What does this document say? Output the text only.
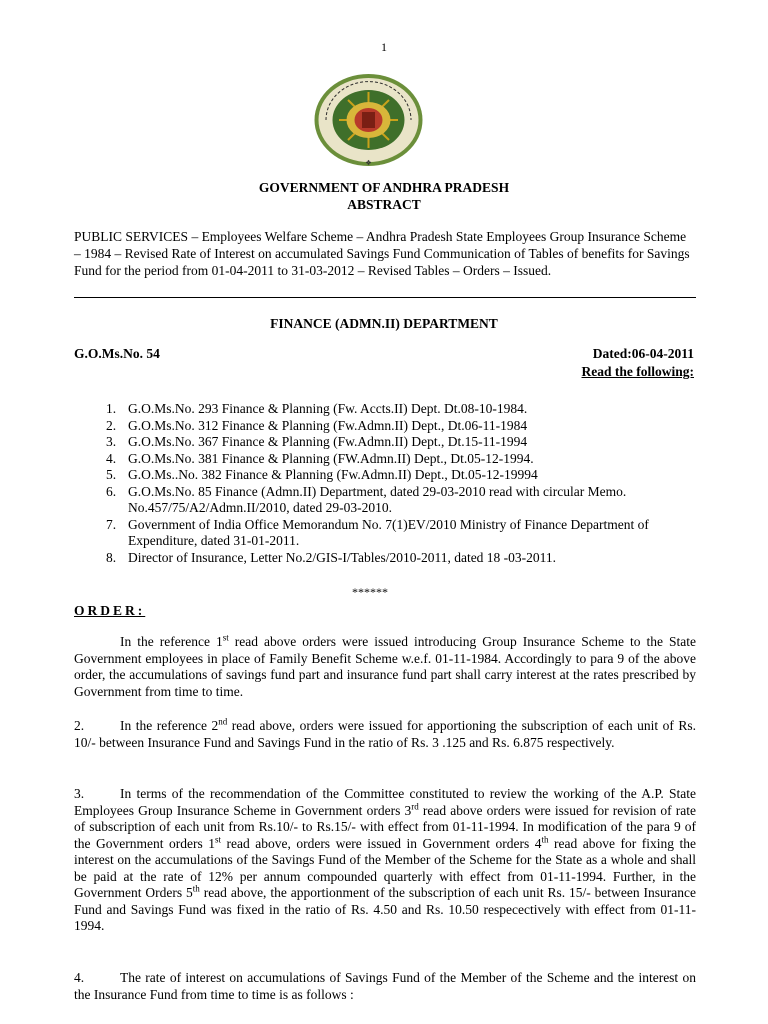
1
❖
GOVERNMENT OF ANDHRA PRADESH
ABSTRACT
PUBLIC SERVICES – Employees Welfare Scheme – Andhra Pradesh State Employees Group Insurance Scheme – 1984 – Revised Rate of Interest on accumulated Savings Fund Communication of Tables of benefits for Savings Fund for the period from 01-04-2011 to 31-03-2012 – Revised Tables – Orders – Issued.
FINANCE (ADMN.II) DEPARTMENT
G.O.Ms.No. 54	Dated:06-04-2011
Read the following:
1. G.O.Ms.No. 293 Finance & Planning (Fw. Accts.II) Dept. Dt.08-10-1984.
2. G.O.Ms.No. 312 Finance & Planning (Fw.Admn.II) Dept., Dt.06-11-1984
3. G.O.Ms.No. 367 Finance & Planning (Fw.Admn.II) Dept., Dt.15-11-1994
4. G.O.Ms.No. 381 Finance & Planning (FW.Admn.II) Dept., Dt.05-12-1994.
5. G.O.Ms..No. 382 Finance & Planning (Fw.Admn.II) Dept., Dt.05-12-19994
6. G.O.Ms.No. 85 Finance (Admn.II) Department, dated 29-03-2010 read with circular Memo. No.457/75/A2/Admn.II/2010, dated 29-03-2010.
7. Government of India Office Memorandum No. 7(1)EV/2010 Ministry of Finance Department of Expenditure, dated 31-01-2011.
8. Director of Insurance, Letter No.2/GIS-I/Tables/2010-2011, dated 18 -03-2011.
******
ORDER:
In the reference 1st read above orders were issued introducing Group Insurance Scheme to the State Government employees in place of Family Benefit Scheme w.e.f. 01-11-1984. Accordingly to para 9 of the above order, the accumulations of savings fund part and insurance fund part shall carry interest at the rates prescribed by Government from time to time.
2.	In the reference 2nd read above, orders were issued for apportioning the subscription of each unit of Rs. 10/- between Insurance Fund and Savings Fund in the ratio of Rs. 3 .125 and Rs. 6.875 respectively.
3.	In terms of the recommendation of the Committee constituted to review the working of the A.P. State Employees Group Insurance Scheme in Government orders 3rd read above orders were issued for revision of rate of subscription of each unit from Rs.10/- to Rs.15/- with effect from 01-11-1994. In modification of the para 9 of the Government orders 1st read above, orders were issued in Government orders 4th read above for fixing the interest on the accumulations of the Savings Fund of the Member of the Scheme for the State as a whole and shall be paid at the rate of 12% per annum compounded quarterly with effect from 01-11-1994. Further, in the Government Orders 5th read above, the apportionment of the subscription of each unit Rs. 15/- between Insurance Fund and Savings Fund was fixed in the ratio of Rs. 4.50 and Rs. 10.50 respecectively with effect from 01-11-1994.
4.	The rate of interest on accumulations of Savings Fund of the Member of the Scheme and the interest on the Insurance Fund from time to time is as follows :
